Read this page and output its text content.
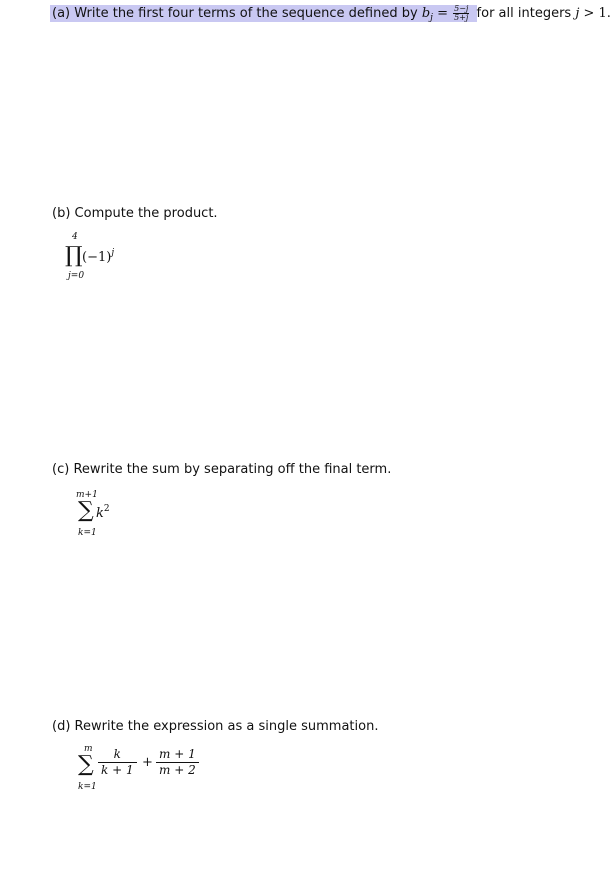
(a) Write the first four terms of the sequence defined by $b_j = \frac{5-j}{5+j}$ for all integers j > 1.
(b) Compute the product.
4
∏
j=0
$(-1)^j$
(c) Rewrite the sum by separating off the final term.
m+1
∑
k=1
$k^2$
(d) Rewrite the expression as a single summation.
m
∑
k=1
$\frac{k}{k + 1} + \frac{m + 1}{m + 2}$
